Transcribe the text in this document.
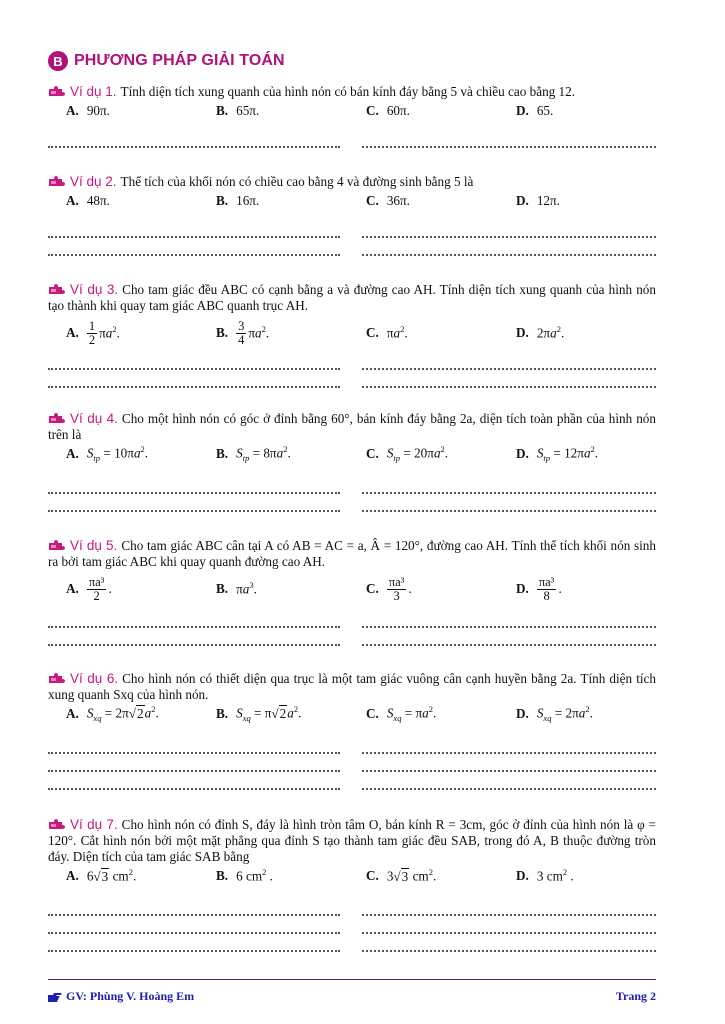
B PHƯƠNG PHÁP GIẢI TOÁN
Ví dụ 1. Tính diện tích xung quanh của hình nón có bán kính đáy bằng 5 và chiều cao bằng 12.
A. 90π.	B. 65π.	C. 60π.	D. 65.
Ví dụ 2. Thể tích của khối nón có chiều cao bằng 4 và đường sinh bằng 5 là
A. 48π.	B. 16π.	C. 36π.	D. 12π.
Ví dụ 3. Cho tam giác đều ABC có cạnh bằng a và đường cao AH. Tính diện tích xung quanh của hình nón tạo thành khi quay tam giác ABC quanh trục AH.
A. $\frac{1}{2} \pi a^2$.	B. $\frac{3}{4} \pi a^2$.	C. $\pi a^2$.	D. $2\pi a^2$.
Ví dụ 4. Cho một hình nón có góc ở đỉnh bằng 60°, bán kính đáy bằng 2a, diện tích toàn phần của hình nón trên là
A. $S_{tp} = 10\pi a^2$.	B. $S_{tp} = 8\pi a^2$.	C. $S_{tp} = 20\pi a^2$.	D. $S_{tp} = 12\pi a^2$.
Ví dụ 5. Cho tam giác ABC cân tại A có AB = AC = a, Â = 120°, đường cao AH. Tính thể tích khối nón sinh ra bởi tam giác ABC khi quay quanh đường cao AH.
A. $\frac{\text{πa³}}{2}$ .	B. $\pi a^3$.	C. $\frac{\text{πa³}}{3}$ .	D. $\frac{\text{πa³}}{8}$ .
Ví dụ 6. Cho hình nón có thiết diện qua trục là một tam giác vuông cân cạnh huyền bằng 2a. Tính diện tích xung quanh Sxq của hình nón.
A. $S_{xq} = 2\pi√2a^2$.	B. $S_{xq} = \pi√2a^2$.	C. $S_{xq} = \pi a^2$.	D. $S_{xq} = 2\pi a^2$.
Ví dụ 7. Cho hình nón có đỉnh S, đáy là hình tròn tâm O, bán kính R = 3cm, góc ở đỉnh của hình nón là φ = 120°. Cắt hình nón bởi một mặt phẳng qua đỉnh S tạo thành tam giác đều SAB, trong đó A, B thuộc đường tròn đáy. Diện tích của tam giác SAB bằng
A. 6√3 $cm^2$.	B. 6 $cm^2$ .	C. 3√3 $cm^2$.	D. 3 $cm^2$ .
GV: Phùng V. Hoàng Em	Trang 2
